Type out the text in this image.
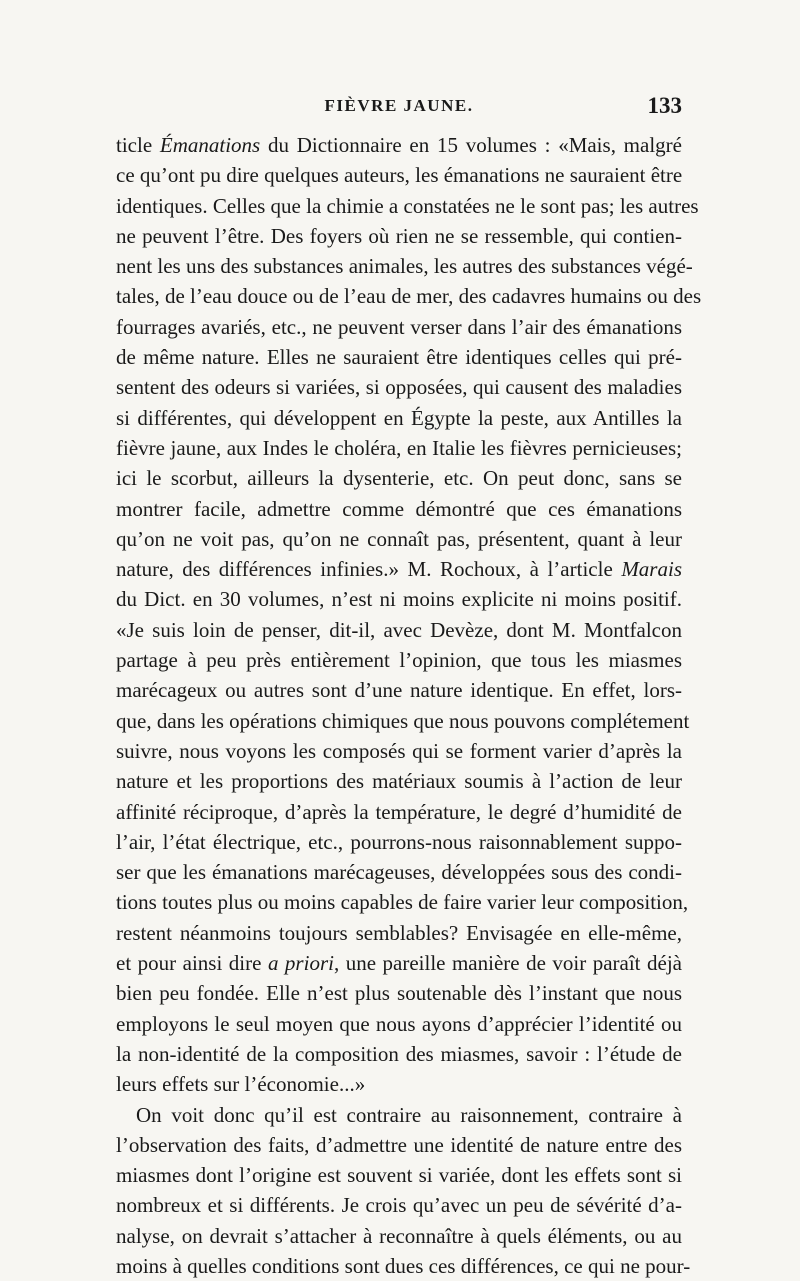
FIÈVRE JAUNE.	133
ticle Émanations du Dictionnaire en 15 volumes : «Mais, malgré
ce qu’ont pu dire quelques auteurs, les émanations ne sauraient être
identiques. Celles que la chimie a constatées ne le sont pas; les autres
ne peuvent l’être. Des foyers où rien ne se ressemble, qui contien-
nent les uns des substances animales, les autres des substances végé-
tales, de l’eau douce ou de l’eau de mer, des cadavres humains ou des
fourrages avariés, etc., ne peuvent verser dans l’air des émanations
de même nature. Elles ne sauraient être identiques celles qui pré-
sentent des odeurs si variées, si opposées, qui causent des maladies
si différentes, qui développent en Égypte la peste, aux Antilles la
fièvre jaune, aux Indes le choléra, en Italie les fièvres pernicieuses;
ici le scorbut, ailleurs la dysenterie, etc. On peut donc, sans se
montrer facile, admettre comme démontré que ces émanations
qu’on ne voit pas, qu’on ne connaît pas, présentent, quant à leur
nature, des différences infinies.» M. Rochoux, à l’article Marais
du Dict. en 30 volumes, n’est ni moins explicite ni moins positif.
«Je suis loin de penser, dit-il, avec Devèze, dont M. Montfalcon
partage à peu près entièrement l’opinion, que tous les miasmes
marécageux ou autres sont d’une nature identique. En effet, lors-
que, dans les opérations chimiques que nous pouvons complétement
suivre, nous voyons les composés qui se forment varier d’après la
nature et les proportions des matériaux soumis à l’action de leur
affinité réciproque, d’après la température, le degré d’humidité de
l’air, l’état électrique, etc., pourrons-nous raisonnablement suppo-
ser que les émanations marécageuses, développées sous des condi-
tions toutes plus ou moins capables de faire varier leur composition,
restent néanmoins toujours semblables? Envisagée en elle-même,
et pour ainsi dire a priori, une pareille manière de voir paraît déjà
bien peu fondée. Elle n’est plus soutenable dès l’instant que nous
employons le seul moyen que nous ayons d’apprécier l’identité ou
la non-identité de la composition des miasmes, savoir : l’étude de
leurs effets sur l’économie...»
On voit donc qu’il est contraire au raisonnement, contraire à
l’observation des faits, d’admettre une identité de nature entre des
miasmes dont l’origine est souvent si variée, dont les effets sont si
nombreux et si différents. Je crois qu’avec un peu de sévérité d’a-
nalyse, on devrait s’attacher à reconnaître à quels éléments, ou au
moins à quelles conditions sont dues ces différences, ce qui ne pour-
